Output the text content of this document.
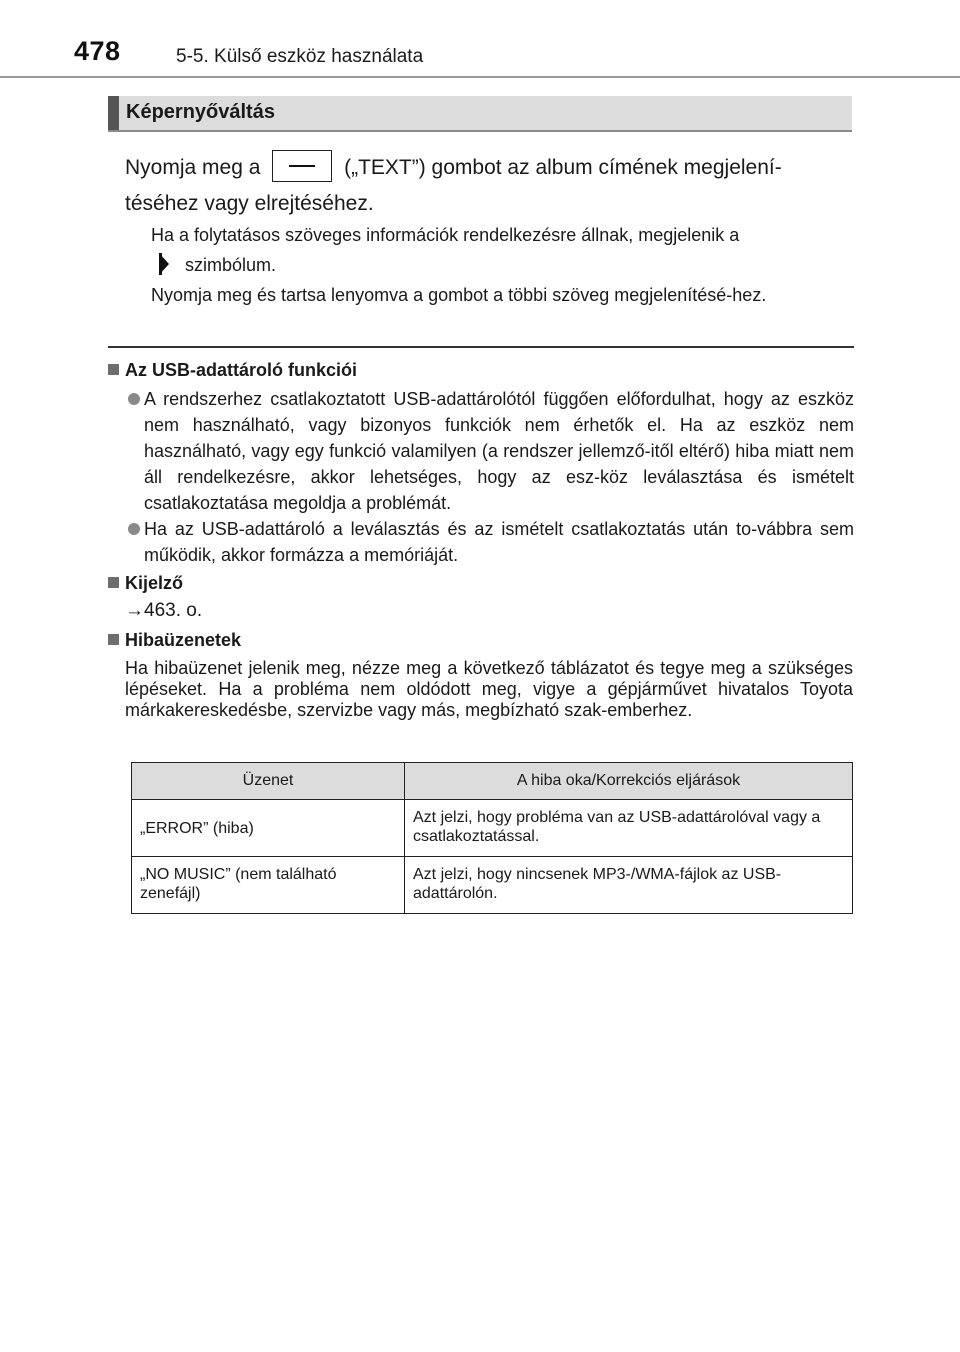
478	5-5. Külső eszköz használata
Képernyőváltás
Nyomja meg a	(„TEXT”) gombot az album címének megjelení-
téséhez vagy elrejtéséhez.
Ha a folytatásos szöveges információk rendelkezésre állnak, megjelenik a
szimbólum.
Nyomja meg és tartsa lenyomva a gombot a többi szöveg megjelenítésé-hez.
Az USB-adattároló funkciói
A rendszerhez csatlakoztatott USB-adattárolótól függően előfordulhat, hogy az eszköz nem használható, vagy bizonyos funkciók nem érhetők el. Ha az eszköz nem használható, vagy egy funkció valamilyen (a rendszer jellemző-itől eltérő) hiba miatt nem áll rendelkezésre, akkor lehetséges, hogy az esz-köz leválasztása és ismételt csatlakoztatása megoldja a problémát.
Ha az USB-adattároló a leválasztás és az ismételt csatlakoztatás után to-vábbra sem működik, akkor formázza a memóriáját.
Kijelző
→463. o.
Hibaüzenetek
Ha hibaüzenet jelenik meg, nézze meg a következő táblázatot és tegye meg a szükséges lépéseket. Ha a probléma nem oldódott meg, vigye a gépjárművet hivatalos Toyota márkakereskedésbe, szervizbe vagy más, megbízható szak-emberhez.
Üzenet	A hiba oka/Korrekciós eljárások
„ERROR” (hiba)	Azt jelzi, hogy probléma van az USB-adattárolóval vagy a csatlakoztatással.
„NO MUSIC” (nem található zenefájl)	Azt jelzi, hogy nincsenek MP3-/WMA-fájlok az USB-adattárolón.
